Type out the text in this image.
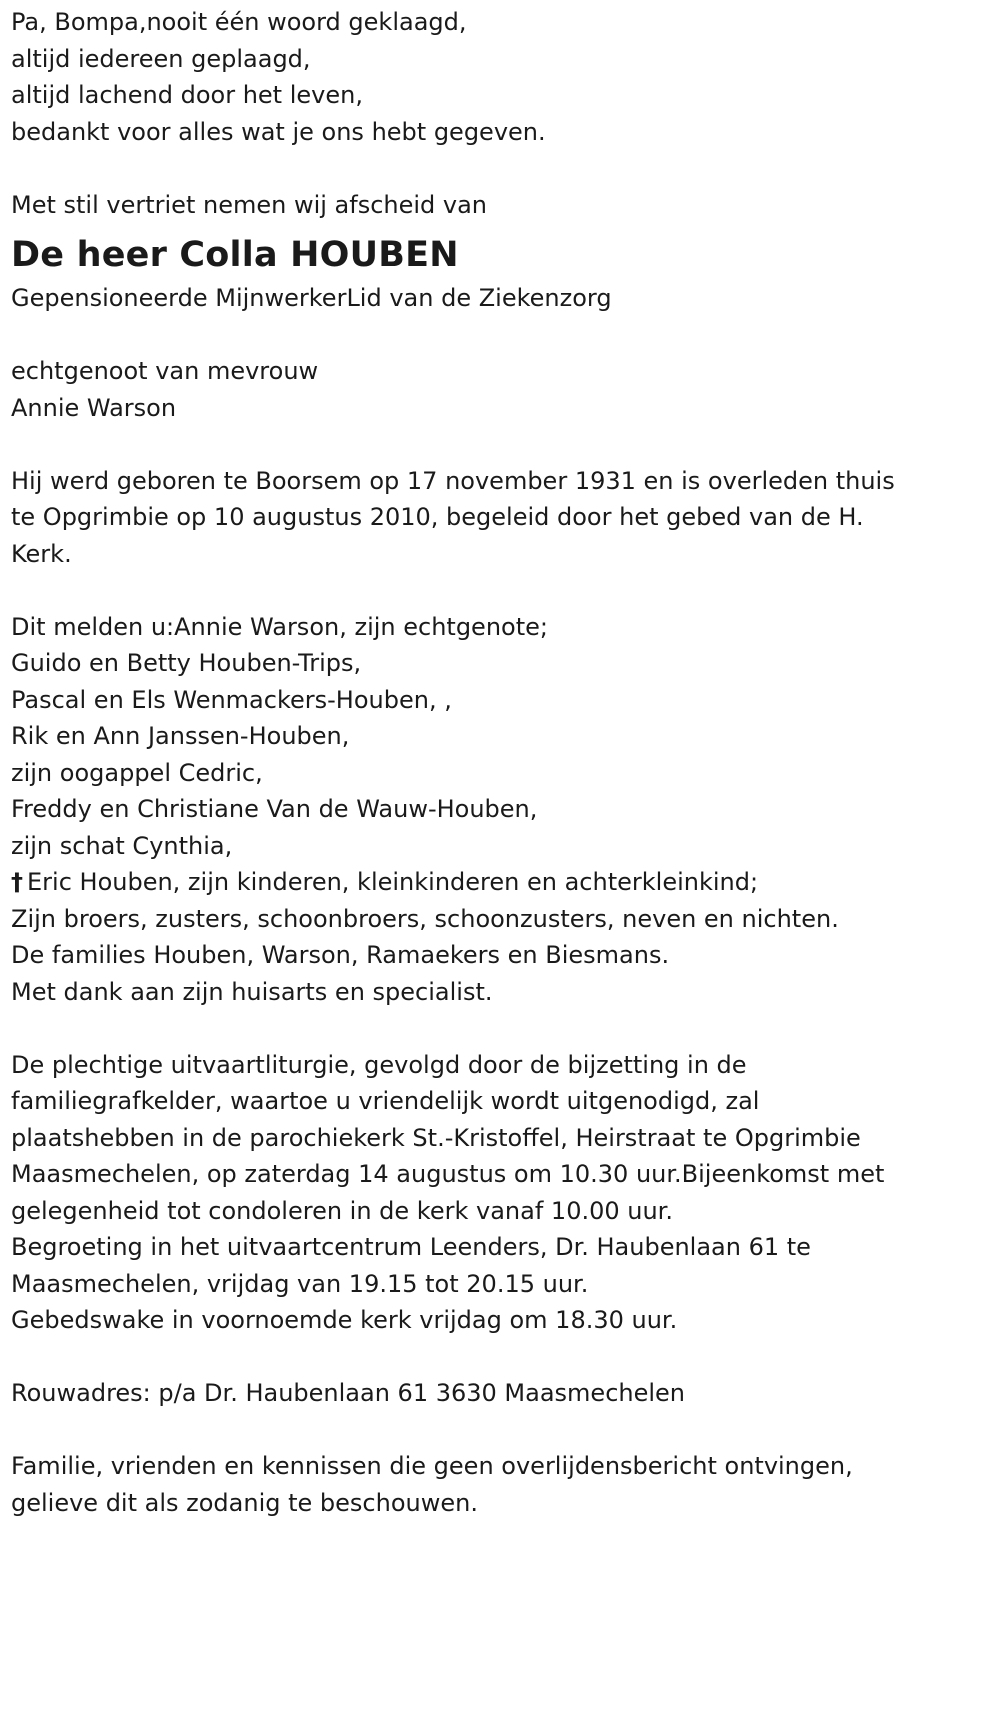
Pa, Bompa,nooit één woord geklaagd,
altijd iedereen geplaagd,
altijd lachend door het leven,
bedankt voor alles wat je ons hebt gegeven.
Met stil vertriet nemen wij afscheid van
De heer Colla HOUBEN
Gepensioneerde MijnwerkerLid van de Ziekenzorg
echtgenoot van mevrouw
Annie Warson
Hij werd geboren te Boorsem op 17 november 1931 en is overleden thuis
te Opgrimbie op 10 augustus 2010, begeleid door het gebed van de H.
Kerk.
Dit melden u:Annie Warson, zijn echtgenote;
Guido en Betty Houben-Trips,
Pascal en Els Wenmackers-Houben, ,
Rik en Ann Janssen-Houben,
zijn oogappel Cedric,
Freddy en Christiane Van de Wauw-Houben,
zijn schat Cynthia,
† Eric Houben, zijn kinderen, kleinkinderen en achterkleinkind;
Zijn broers, zusters, schoonbroers, schoonzusters, neven en nichten.
De families Houben, Warson, Ramaekers en Biesmans.
Met dank aan zijn huisarts en specialist.
De plechtige uitvaartliturgie, gevolgd door de bijzetting in de
familiegrafkelder, waartoe u vriendelijk wordt uitgenodigd, zal
plaatshebben in de parochiekerk St.-Kristoffel, Heirstraat te Opgrimbie
Maasmechelen, op zaterdag 14 augustus om 10.30 uur.Bijeenkomst met
gelegenheid tot condoleren in de kerk vanaf 10.00 uur.
Begroeting in het uitvaartcentrum Leenders, Dr. Haubenlaan 61 te
Maasmechelen, vrijdag van 19.15 tot 20.15 uur.
Gebedswake in voornoemde kerk vrijdag om 18.30 uur.
Rouwadres: p/a Dr. Haubenlaan 61 3630 Maasmechelen
Familie, vrienden en kennissen die geen overlijdensbericht ontvingen,
gelieve dit als zodanig te beschouwen.
